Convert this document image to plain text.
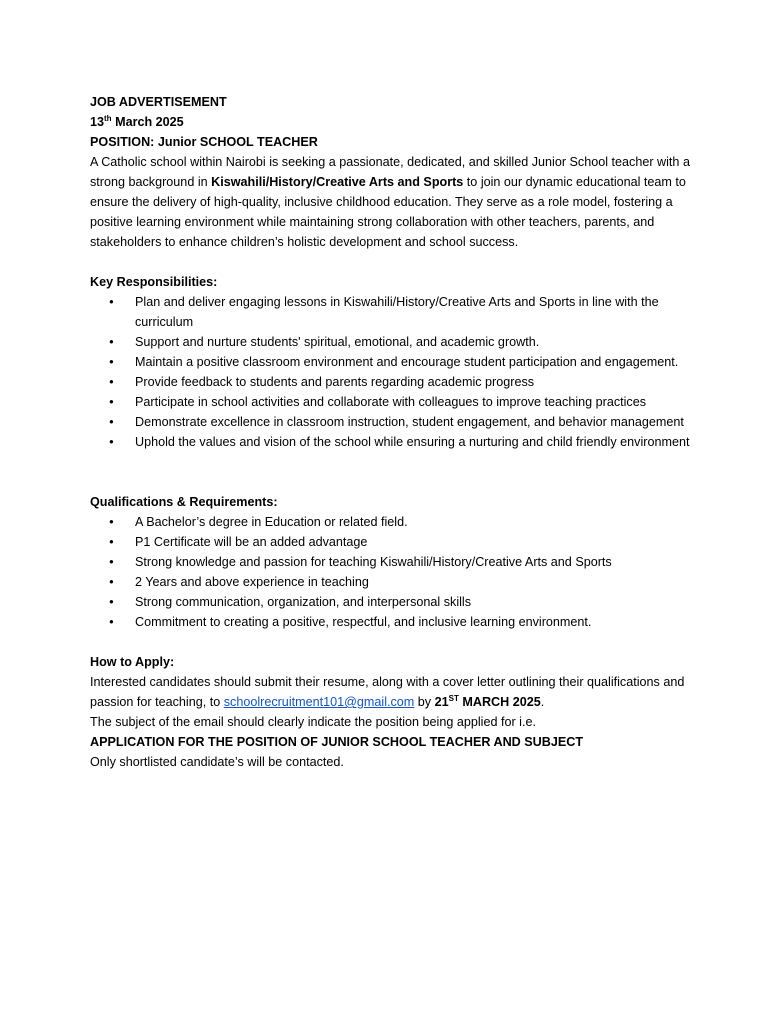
JOB ADVERTISEMENT

13th March 2025

POSITION: Junior SCHOOL TEACHER

A Catholic school within Nairobi is seeking a passionate, dedicated, and skilled Junior School teacher with a strong background in Kiswahili/History/Creative Arts and Sports to join our dynamic educational team to ensure the delivery of high-quality, inclusive childhood education. They serve as a role model, fostering a positive learning environment while maintaining strong collaboration with other teachers, parents, and stakeholders to enhance children’s holistic development and school success.

Key Responsibilities:

● Plan and deliver engaging lessons in Kiswahili/History/Creative Arts and Sports in line with the curriculum
● Support and nurture students' spiritual, emotional, and academic growth.
● Maintain a positive classroom environment and encourage student participation and engagement.
● Provide feedback to students and parents regarding academic progress
● Participate in school activities and collaborate with colleagues to improve teaching practices
● Demonstrate excellence in classroom instruction, student engagement, and behavior management
● Uphold the values and vision of the school while ensuring a nurturing and child friendly environment

Qualifications & Requirements:

● A Bachelor’s degree in Education or related field.
● P1 Certificate will be an added advantage
● Strong knowledge and passion for teaching Kiswahili/History/Creative Arts and Sports
● 2 Years and above experience in teaching
● Strong communication, organization, and interpersonal skills
● Commitment to creating a positive, respectful, and inclusive learning environment.

How to Apply:

Interested candidates should submit their resume, along with a cover letter outlining their qualifications and passion for teaching, to schoolrecruitment101@gmail.com by 21ST MARCH 2025.

The subject of the email should clearly indicate the position being applied for i.e.

APPLICATION FOR THE POSITION OF JUNIOR SCHOOL TEACHER AND SUBJECT

Only shortlisted candidate’s will be contacted.
